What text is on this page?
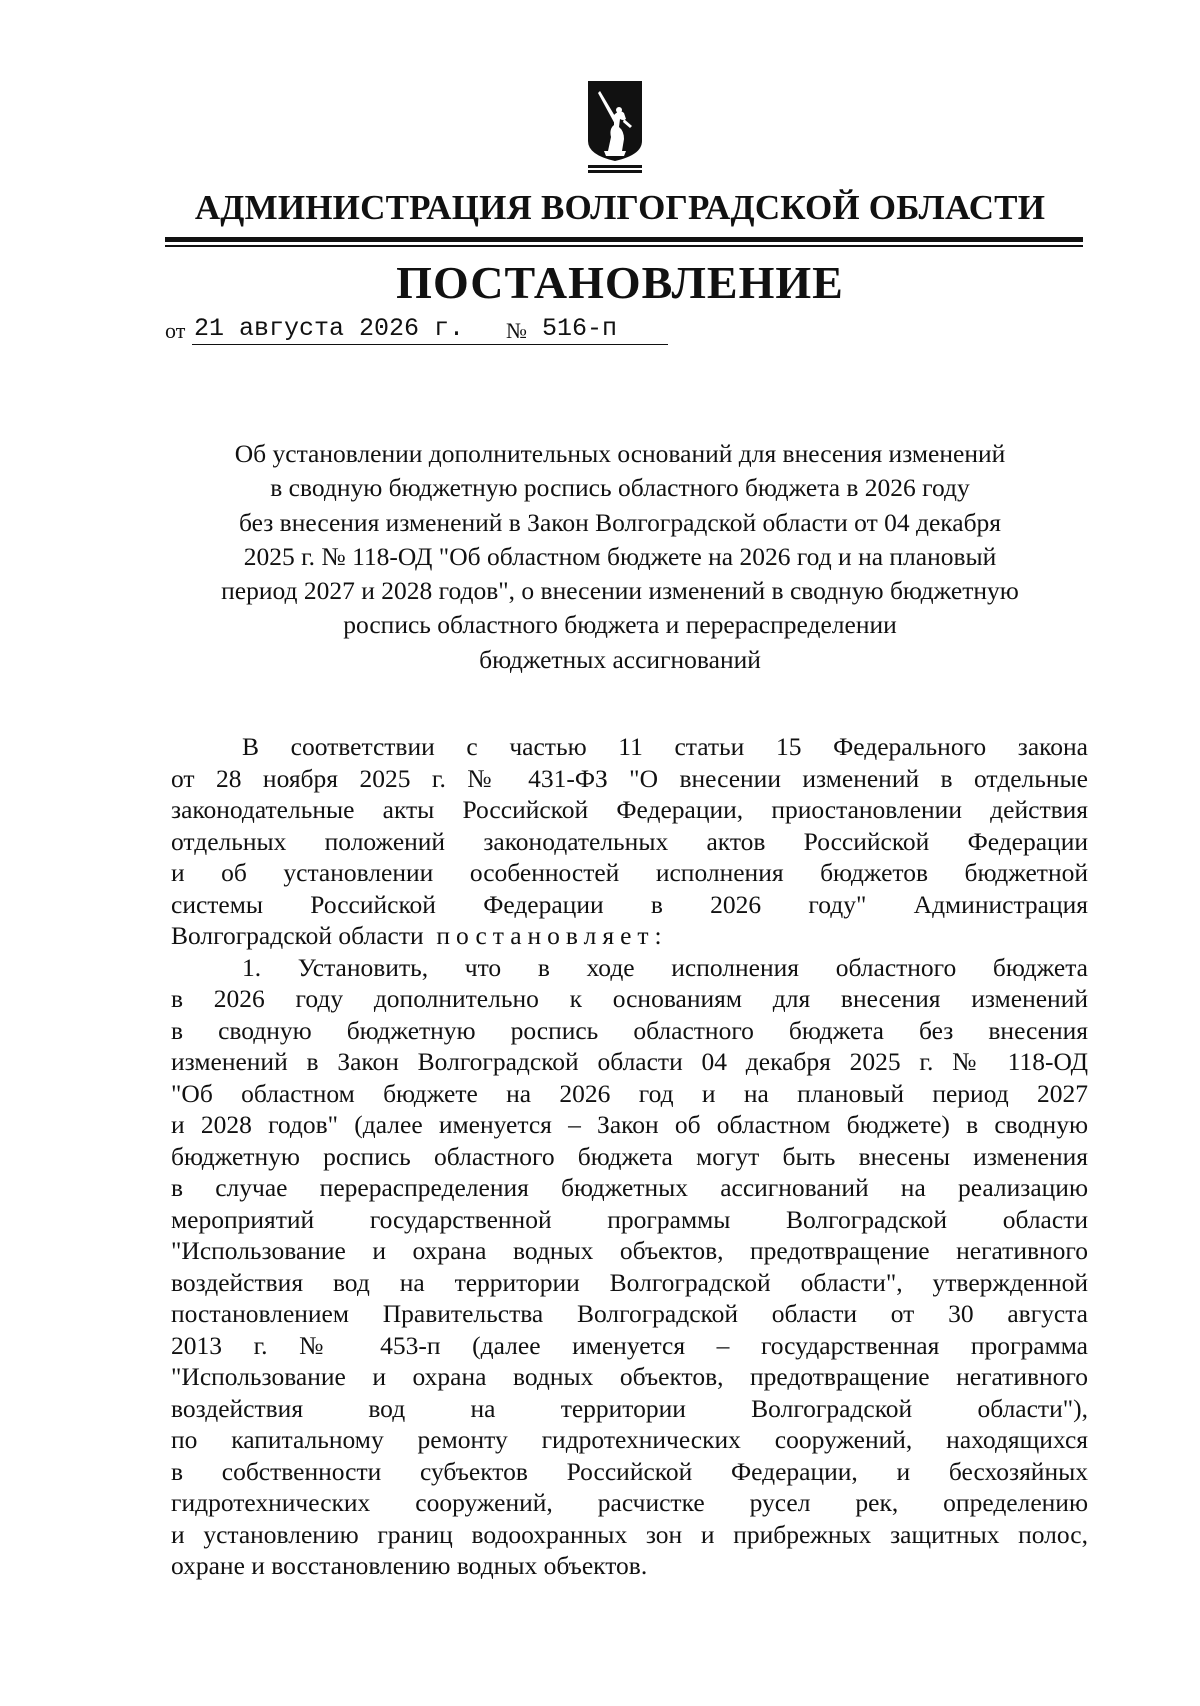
АДМИНИСТРАЦИЯ ВОЛГОГРАДСКОЙ ОБЛАСТИ
ПОСТАНОВЛЕНИЕ
от 21 августа 2026 г. № 516-п
Об установлении дополнительных оснований для внесения изменений
в сводную бюджетную роспись областного бюджета в 2026 году
без внесения изменений в Закон Волгоградской области от 04 декабря
2025 г. № 118-ОД "Об областном бюджете на 2026 год и на плановый
период 2027 и 2028 годов", о внесении изменений в сводную бюджетную
роспись областного бюджета и перераспределении
бюджетных ассигнований
В соответствии с частью 11 статьи 15 Федерального закона
от 28 ноября 2025 г. № 431-ФЗ "О внесении изменений в отдельные
законодательные акты Российской Федерации, приостановлении действия
отдельных положений законодательных актов Российской Федерации
и об установлении особенностей исполнения бюджетов бюджетной
системы Российской Федерации в 2026 году" Администрация
Волгоградской области постановляет:
1. Установить, что в ходе исполнения областного бюджета
в 2026 году дополнительно к основаниям для внесения изменений
в сводную бюджетную роспись областного бюджета без внесения
изменений в Закон Волгоградской области 04 декабря 2025 г. № 118-ОД
"Об областном бюджете на 2026 год и на плановый период 2027
и 2028 годов" (далее именуется – Закон об областном бюджете) в сводную
бюджетную роспись областного бюджета могут быть внесены изменения
в случае перераспределения бюджетных ассигнований на реализацию
мероприятий государственной программы Волгоградской области
"Использование и охрана водных объектов, предотвращение негативного
воздействия вод на территории Волгоградской области", утвержденной
постановлением Правительства Волгоградской области от 30 августа
2013 г. № 453-п (далее именуется – государственная программа
"Использование и охрана водных объектов, предотвращение негативного
воздействия вод на территории Волгоградской области"),
по капитальному ремонту гидротехнических сооружений, находящихся
в собственности субъектов Российской Федерации, и бесхозяйных
гидротехнических сооружений, расчистке русел рек, определению
и установлению границ водоохранных зон и прибрежных защитных полос,
охране и восстановлению водных объектов.
